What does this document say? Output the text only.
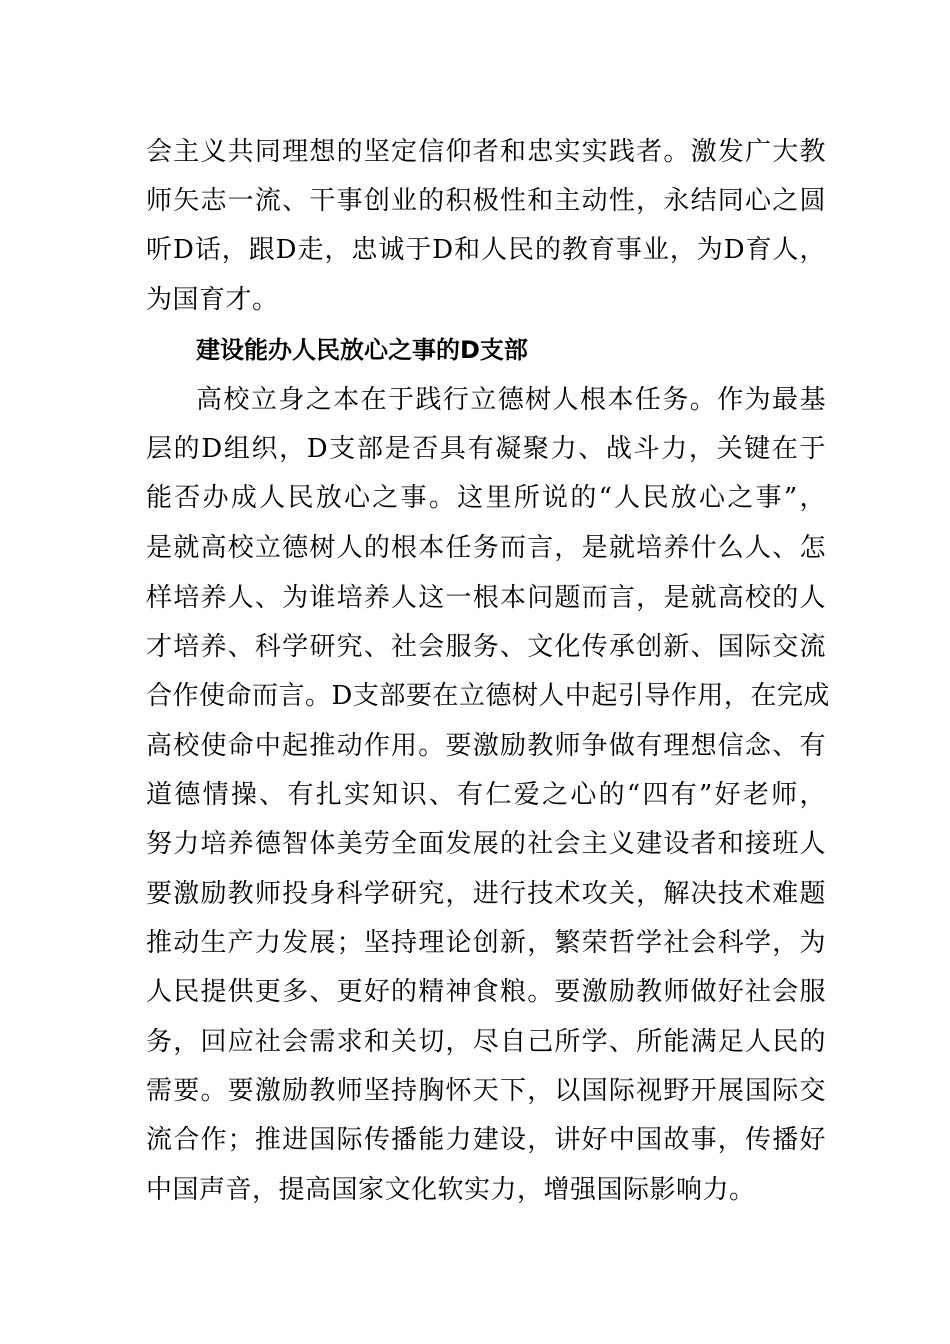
会主义共同理想的坚定信仰者和忠实实践者。激发广大教
师矢志一流、干事创业的积极性和主动性，永结同心之圆
听D话，跟D走，忠诚于D和人民的教育事业，为D育人，
为国育才。
建设能办人民放心之事的D支部
高校立身之本在于践行立德树人根本任务。作为最基
层的D组织，D支部是否具有凝聚力、战斗力，关键在于
能否办成人民放心之事。这里所说的“人民放心之事”，
是就高校立德树人的根本任务而言，是就培养什么人、怎
样培养人、为谁培养人这一根本问题而言，是就高校的人
才培养、科学研究、社会服务、文化传承创新、国际交流
合作使命而言。D支部要在立德树人中起引导作用，在完成
高校使命中起推动作用。要激励教师争做有理想信念、有
道德情操、有扎实知识、有仁爱之心的“四有”好老师，
努力培养德智体美劳全面发展的社会主义建设者和接班人
要激励教师投身科学研究，进行技术攻关，解决技术难题
推动生产力发展；坚持理论创新，繁荣哲学社会科学，为
人民提供更多、更好的精神食粮。要激励教师做好社会服
务，回应社会需求和关切，尽自己所学、所能满足人民的
需要。要激励教师坚持胸怀天下，以国际视野开展国际交
流合作；推进国际传播能力建设，讲好中国故事，传播好
中国声音，提高国家文化软实力，增强国际影响力。
